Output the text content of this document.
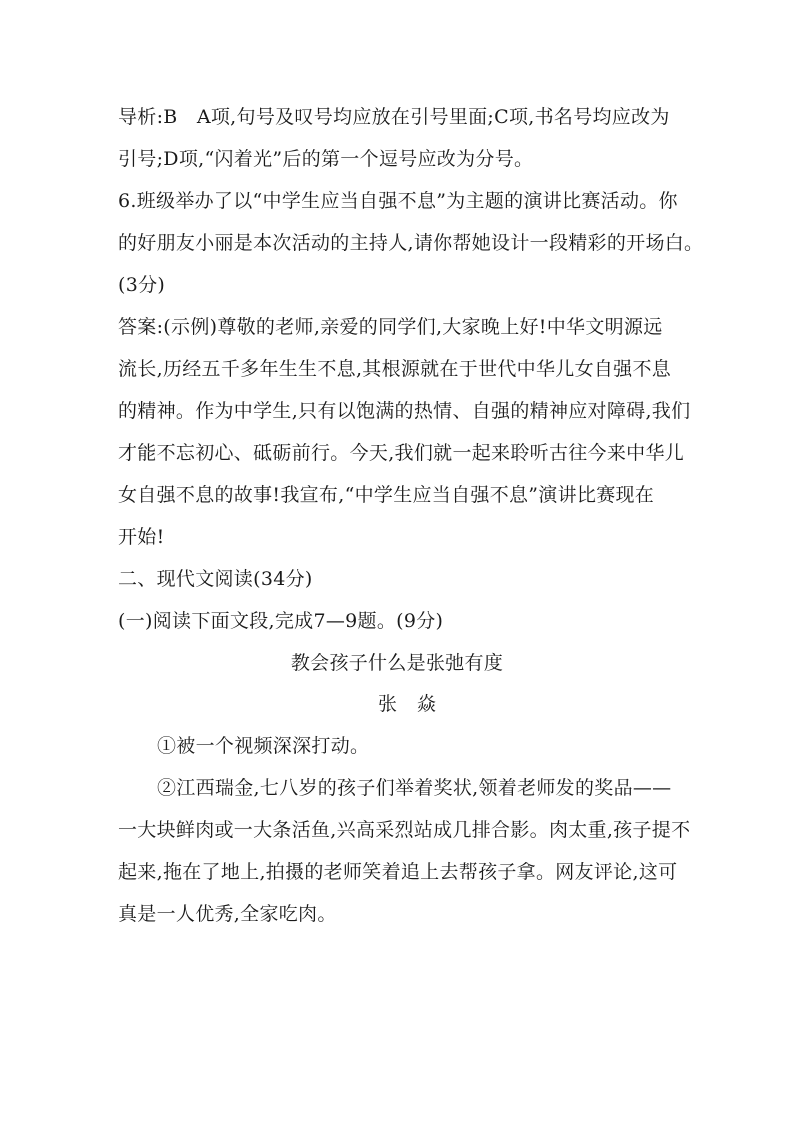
导析:B　A项,句号及叹号均应放在引号里面;C项,书名号均应改为
引号;D项,“闪着光”后的第一个逗号应改为分号。
6.班级举办了以“中学生应当自强不息”为主题的演讲比赛活动。你
的好朋友小丽是本次活动的主持人,请你帮她设计一段精彩的开场白。
(3分)
答案:(示例)尊敬的老师,亲爱的同学们,大家晚上好!中华文明源远
流长,历经五千多年生生不息,其根源就在于世代中华儿女自强不息
的精神。作为中学生,只有以饱满的热情、自强的精神应对障碍,我们
才能不忘初心、砥砺前行。今天,我们就一起来聆听古往今来中华儿
女自强不息的故事!我宣布,“中学生应当自强不息”演讲比赛现在
开始!
二、现代文阅读(34分)
(一)阅读下面文段,完成7—9题。(9分)
教会孩子什么是张弛有度
张焱
①被一个视频深深打动。
②江西瑞金,七八岁的孩子们举着奖状,领着老师发的奖品——
一大块鲜肉或一大条活鱼,兴高采烈站成几排合影。肉太重,孩子提不
起来,拖在了地上,拍摄的老师笑着追上去帮孩子拿。网友评论,这可
真是一人优秀,全家吃肉。
